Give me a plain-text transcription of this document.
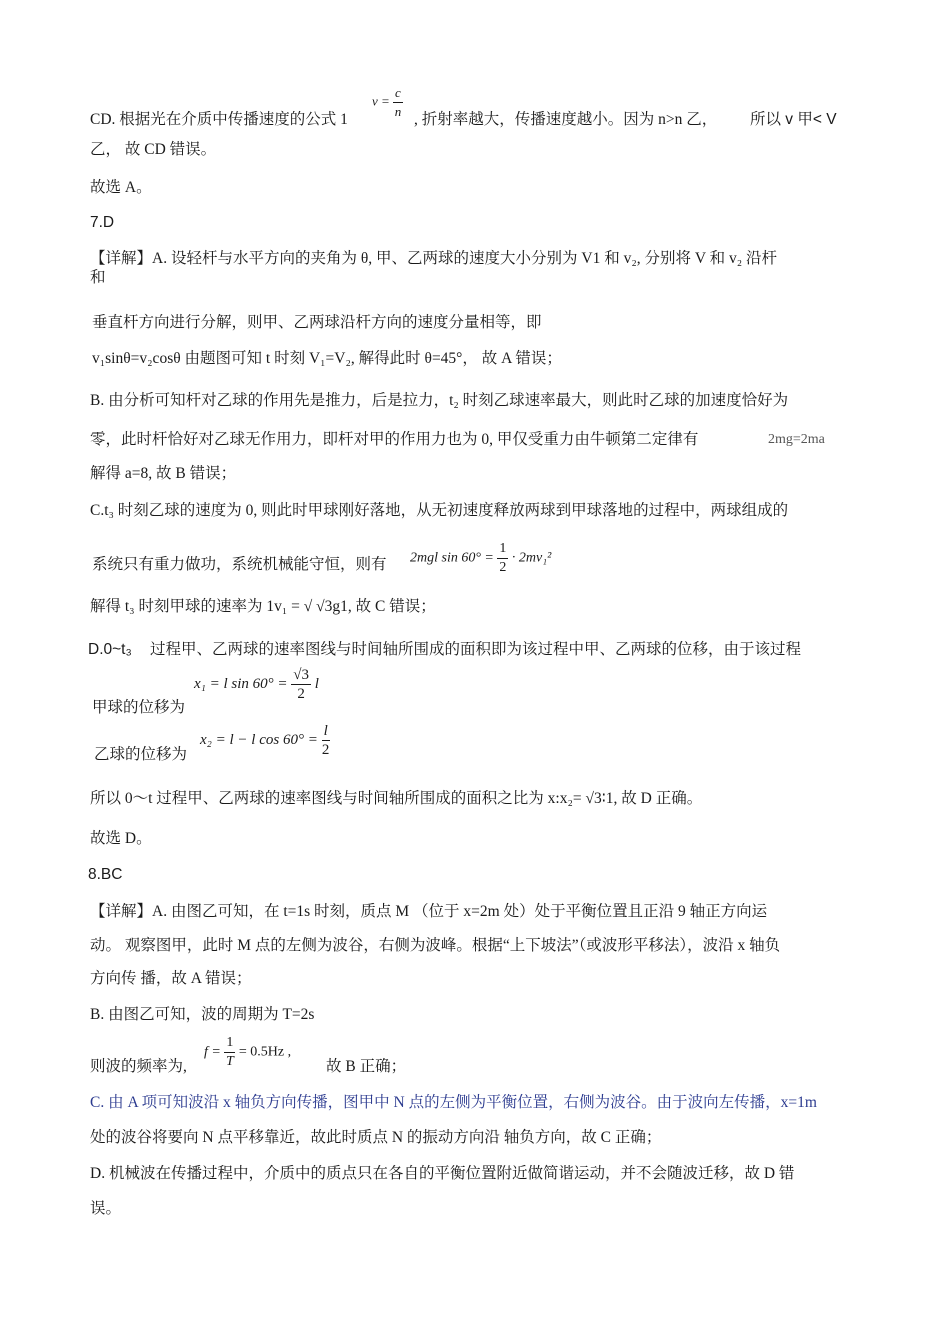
CD. 根据光在介质中传播速度的公式 1	, 折射率越大，传播速度越小。因为 n>n 乙， 所以 v 甲< V
乙， 故 CD 错误。
故选 A。
7.D
【详解】A. 设轻杆与水平方向的夹角为 θ, 甲、乙两球的速度大小分别为 V1 和 v₂, 分别将 V 和 v₂ 沿杆
和
垂直杆方向进行分解，则甲、乙两球沿杆方向的速度分量相等，即
v₁sinθ=v₂cosθ 由题图可知 t 时刻 V₁=V₂, 解得此时 θ=45°， 故 A 错误；
B. 由分析可知杆对乙球的作用先是推力，后是拉力，t₂ 时刻乙球速率最大，则此时乙球的加速度恰好为
零，此时杆恰好对乙球无作用力，即杆对甲的作用力也为 0, 甲仅受重力由牛顿第二定律有	2mg=2ma
解得 a=8, 故 B 错误；
C.t₃ 时刻乙球的速度为 0, 则此时甲球刚好落地，从无初速度释放两球到甲球落地的过程中，两球组成的
系统只有重力做功，系统机械能守恒，则有
解得 t₃ 时刻甲球的速率为 1v₁ = √ √3g1, 故 C 错误；
D.0~t₃ 过程甲、乙两球的速率图线与时间轴所围成的面积即为该过程中甲、乙两球的位移，由于该过程
甲球的位移为
乙球的位移为
所以 0～t 过程甲、乙两球的速率图线与时间轴所围成的面积之比为 x:x₂= √3∶1, 故 D 正确。
故选 D。
8.BC
【详解】A. 由图乙可知，在 t=1s 时刻，质点 M （位于 x=2m 处）处于平衡位置且正沿 9 轴正方向运
动。 观察图甲，此时 M 点的左侧为波谷，右侧为波峰。根据“上下坡法”（或波形平移法），波沿 x 轴负
方向传 播，故 A 错误；
B. 由图乙可知，波的周期为 T=2s
则波的频率为,	故 B 正确；
C. 由 A 项可知波沿 x 轴负方向传播，图甲中 N 点的左侧为平衡位置，右侧为波谷。由于波向左传播，x=1m
处的波谷将要向 N 点平移靠近，故此时质点 N 的振动方向沿 轴负方向，故 C 正确；
D. 机械波在传播过程中，介质中的质点只在各自的平衡位置附近做简谐运动，并不会随波迁移，故 D 错
误。
$v = \frac{c}{n}$
2mgl $\sin 60^\circ = \frac{1}{2} \cdot 2mv_1^2$
x₁ = l $\sin 60^\circ = \frac{√3}{2}$ l
x₂ = l − l $\cos 60^\circ = \frac{l}{2}$
$f = \frac{1}{T} = 0.5Hz$ ,
